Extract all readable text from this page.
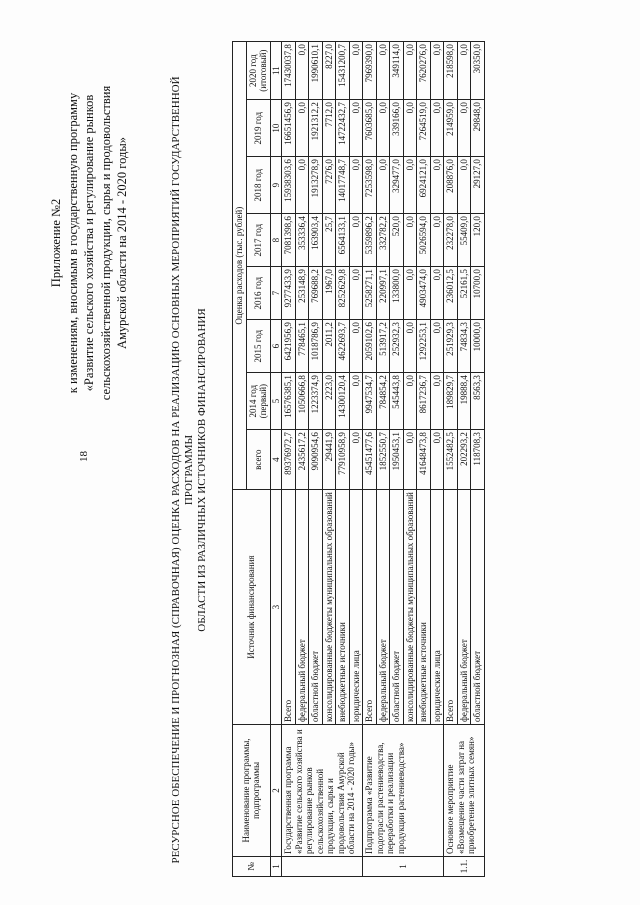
18
Приложение №2 к изменениям, вносимым в государственную программу «Развитие сельского хозяйства и регулирование рынков сельскохозяйственной продукции, сырья и продовольствия Амурской области на 2014 - 2020 годы»	РЕСУРСНОЕ ОБЕСПЕЧЕНИЕ И ПРОГНОЗНАЯ (СПРАВОЧНАЯ) ОЦЕНКА РАСХОДОВ НА РЕАЛИЗАЦИЮ ОСНОВНЫХ МЕРОПРИЯТИЙ ГОСУДАРСТВЕННОЙ ПРОГРАММЫ ОБЛАСТИ ИЗ РАЗЛИЧНЫХ ИСТОЧНИКОВ ФИНАНСИРОВАНИЯ
№	Наименование программы, подпрограммы	Источник финансирования	Оценка расходов (тыс. рублей)							
			всего	2014 год (первый)	2015 год	2016 год	2017 год	2018 год	2019 год	2020 год (итоговый)
1	2	3	4	5	6	7	8	9	10	11
	Государственная программа «Развитие сельского хозяйства и регулирование рынков сельскохозяйственной продукции, сырья и продовольствия Амурской области на 2014 - 2020 годы»	Всего	89376972,7	16576385,1	6421956,9	9277433,9	7081398,6	15938303,6	16651456,9	17430037,8
		федеральный бюджет	2435617,2	1050666,8	778465,1	253148,9	353336,4	0,0	0,0	0,0
		областной бюджет	9090954,6	1223374,9	1018786,9	769688,2	163903,4	1913278,9	1921312,2	1990610,1
		консолидированные бюджеты муниципальных образований	29441,9	2223,0	2011,2	1967,0	25,7	7276,0	7712,0	8227,0
		внебюджетные источники	77910958,9	14300120,4	4622693,7	8252629,8	6564133,1	14017748,7	14722432,7	15431200,7
		юридические лица	0,0	0,0	0,0	0,0	0,0	0,0	0,0	0,0
1	Подпрограмма «Развитие подотрасли растениеводства, переработки и реализации продукции растениеводства»	Всего	45451477,6	9947534,7	2059102,6	5258271,1	5359896,2	7253598,0	7603685,0	7969390,0
		федеральный бюджет	1852550,7	784854,2	513917,2	220997,1	332782,2	0,0	0,0	0,0
		областной бюджет	1950453,1	545443,8	252932,3	133800,0	520,0	329477,0	339166,0	349114,0
		консолидированные бюджеты муниципальных образований	0,0	0,0	0,0	0,0	0,0	0,0	0,0	0,0
		внебюджетные источники	41648473,8	8617236,7	1292253,1	4903474,0	5026594,0	6924121,0	7264519,0	7620276,0
		юридические лица	0,0	0,0	0,0	0,0	0,0	0,0	0,0	0,0
1.1.	Основное мероприятие «Возмещение части затрат на приобретение элитных семян»	Всего	1552482,5	189829,7	251929,3	236012,5	232278,0	208876,0	214959,0	218598,0
		федеральный бюджет	202293,2	19888,4	74834,3	52161,5	55409,0	0,0	0,0	0,0
		областной бюджет	118708,3	8563,3	10000,0	10700,0	120,0	29127,0	29848,0	30350,0
